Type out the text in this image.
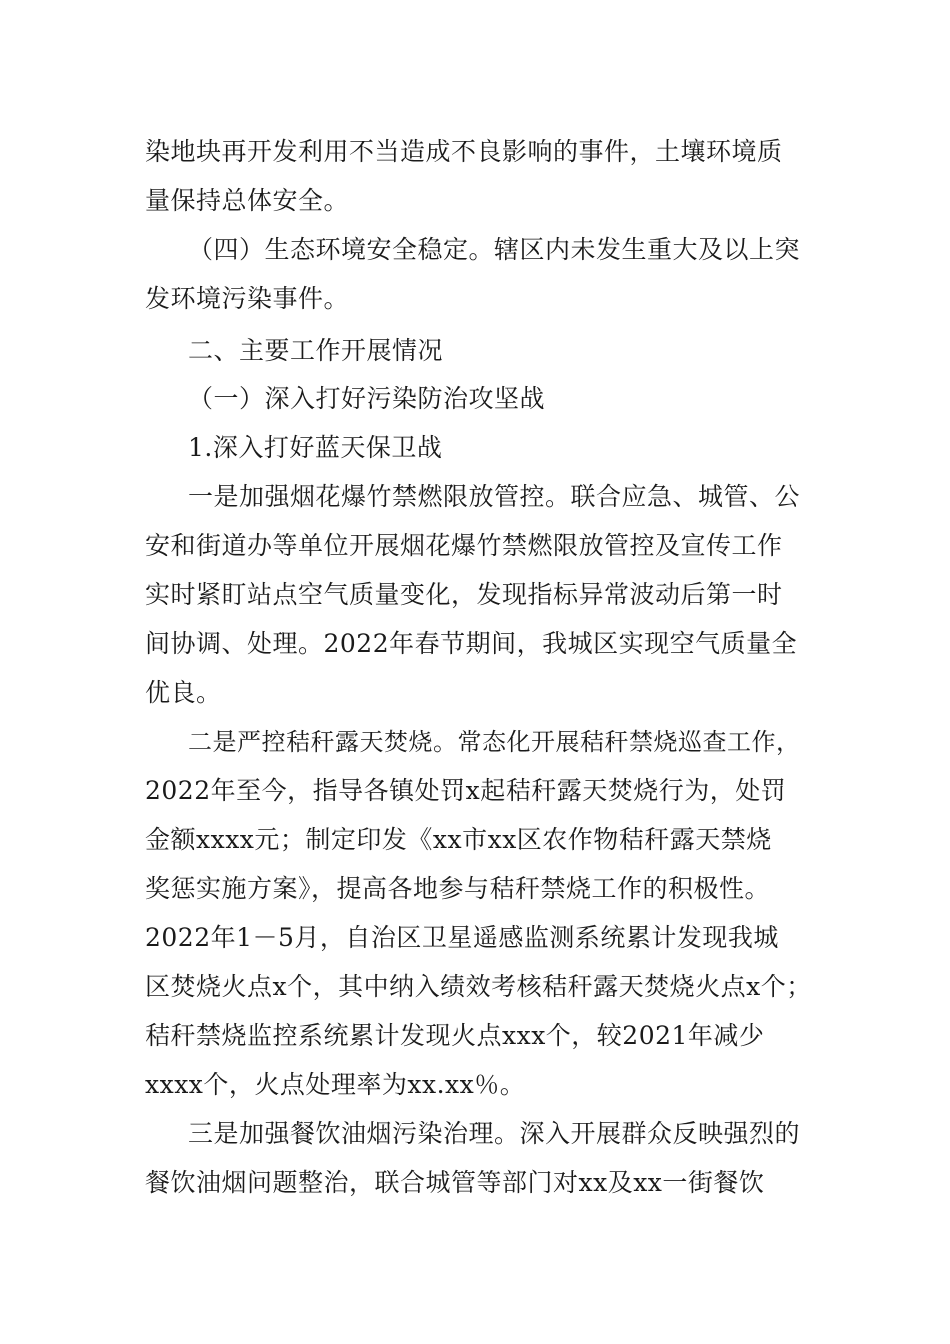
染地块再开发利用不当造成不良影响的事件，土壤环境质
量保持总体安全。
（四）生态环境安全稳定。辖区内未发生重大及以上突
发环境污染事件。
二、主要工作开展情况
（一）深入打好污染防治攻坚战
1.深入打好蓝天保卫战
一是加强烟花爆竹禁燃限放管控。联合应急、城管、公
安和街道办等单位开展烟花爆竹禁燃限放管控及宣传工作
实时紧盯站点空气质量变化，发现指标异常波动后第一时
间协调、处理。2022年春节期间，我城区实现空气质量全
优良。
二是严控秸秆露天焚烧。常态化开展秸秆禁烧巡查工作，
2022年至今，指导各镇处罚x起秸秆露天焚烧行为，处罚
金额xxxx元；制定印发《xx市xx区农作物秸秆露天禁烧
奖惩实施方案》，提高各地参与秸秆禁烧工作的积极性。
2022年1－5月，自治区卫星遥感监测系统累计发现我城
区焚烧火点x个，其中纳入绩效考核秸秆露天焚烧火点x个；
秸秆禁烧监控系统累计发现火点xxx个，较2021年减少
xxxx个，火点处理率为xx.xx％。
三是加强餐饮油烟污染治理。深入开展群众反映强烈的
餐饮油烟问题整治，联合城管等部门对xx及xx一街餐饮
